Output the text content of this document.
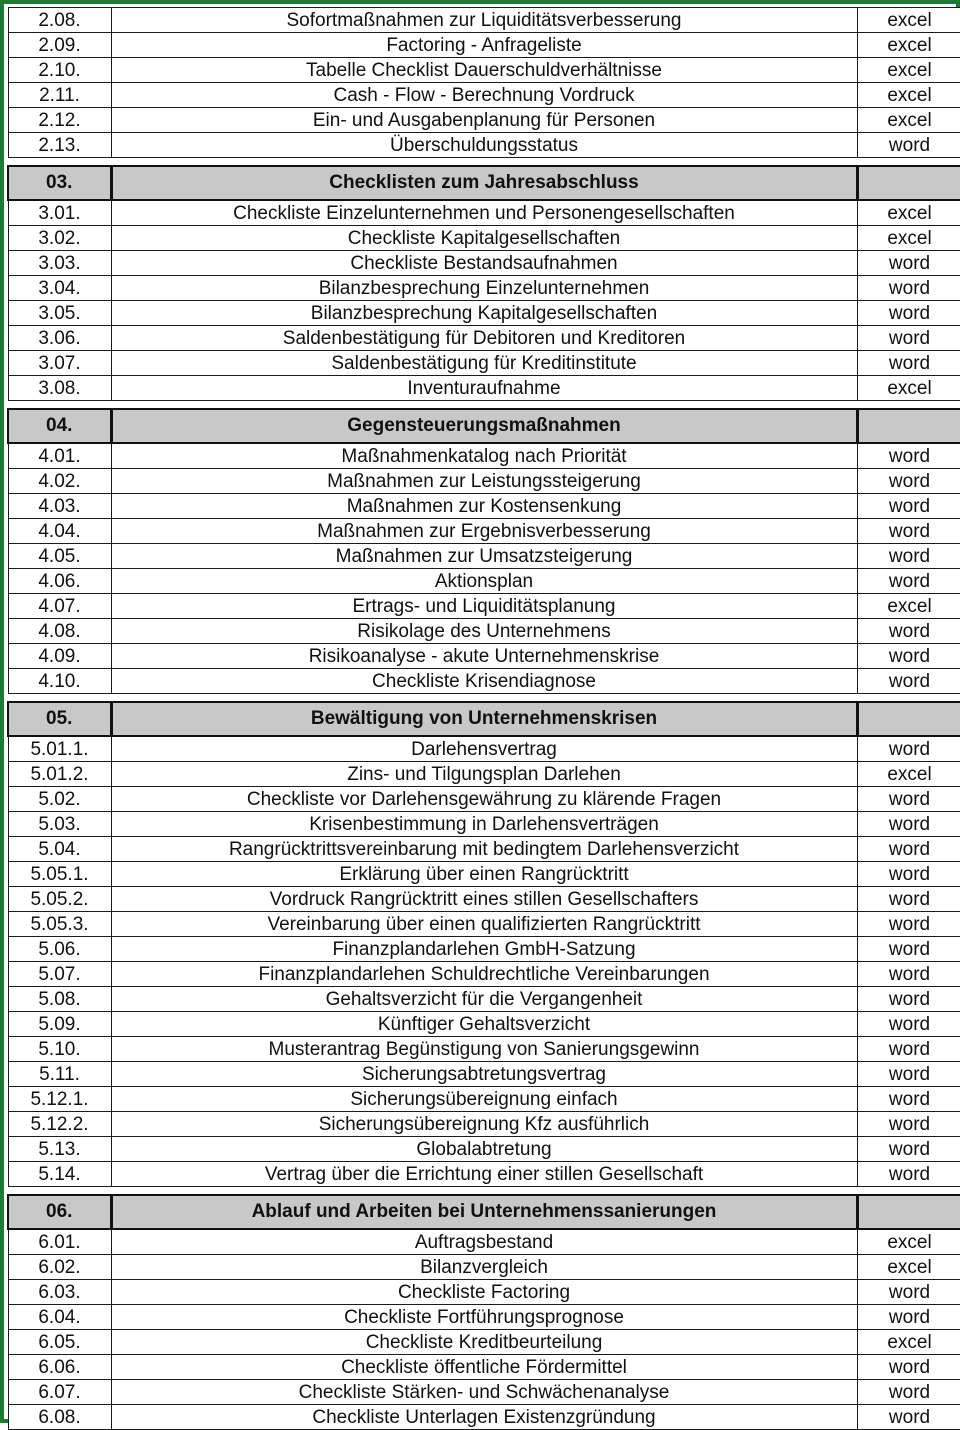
2.08.	Sofortmaßnahmen zur Liquiditätsverbesserung	excel
2.09.	Factoring - Anfrageliste	excel
2.10.	Tabelle Checklist Dauerschuldverhältnisse	excel
2.11.	Cash - Flow - Berechnung Vordruck	excel
2.12.	Ein- und Ausgabenplanung für Personen	excel
2.13.	Überschuldungsstatus	word

03.	Checklisten zum Jahresabschluss	
3.01.	Checkliste Einzelunternehmen und Personengesellschaften	excel
3.02.	Checkliste Kapitalgesellschaften	excel
3.03.	Checkliste Bestandsaufnahmen	word
3.04.	Bilanzbesprechung Einzelunternehmen	word
3.05.	Bilanzbesprechung Kapitalgesellschaften	word
3.06.	Saldenbestätigung für Debitoren und Kreditoren	word
3.07.	Saldenbestätigung für Kreditinstitute	word
3.08.	Inventuraufnahme	excel

04.	Gegensteuerungsmaßnahmen	
4.01.	Maßnahmenkatalog nach Priorität	word
4.02.	Maßnahmen zur Leistungssteigerung	word
4.03.	Maßnahmen zur Kostensenkung	word
4.04.	Maßnahmen zur Ergebnisverbesserung	word
4.05.	Maßnahmen zur Umsatzsteigerung	word
4.06.	Aktionsplan	word
4.07.	Ertrags- und Liquiditätsplanung	excel
4.08.	Risikolage des Unternehmens	word
4.09.	Risikoanalyse - akute Unternehmenskrise	word
4.10.	Checkliste Krisendiagnose	word

05.	Bewältigung von Unternehmenskrisen	
5.01.1.	Darlehensvertrag	word
5.01.2.	Zins- und Tilgungsplan Darlehen	excel
5.02.	Checkliste vor Darlehensgewährung zu klärende Fragen	word
5.03.	Krisenbestimmung in Darlehensverträgen	word
5.04.	Rangrücktrittsvereinbarung mit bedingtem Darlehensverzicht	word
5.05.1.	Erklärung über einen Rangrücktritt	word
5.05.2.	Vordruck Rangrücktritt eines stillen Gesellschafters	word
5.05.3.	Vereinbarung über einen qualifizierten Rangrücktritt	word
5.06.	Finanzplandarlehen GmbH-Satzung	word
5.07.	Finanzplandarlehen Schuldrechtliche Vereinbarungen	word
5.08.	Gehaltsverzicht für die Vergangenheit	word
5.09.	Künftiger Gehaltsverzicht	word
5.10.	Musterantrag Begünstigung von Sanierungsgewinn	word
5.11.	Sicherungsabtretungsvertrag	word
5.12.1.	Sicherungsübereignung einfach	word
5.12.2.	Sicherungsübereignung Kfz ausführlich	word
5.13.	Globalabtretung	word
5.14.	Vertrag über die Errichtung einer stillen Gesellschaft	word

06.	Ablauf und Arbeiten bei Unternehmenssanierungen	
6.01.	Auftragsbestand	excel
6.02.	Bilanzvergleich	excel
6.03.	Checkliste Factoring	word
6.04.	Checkliste Fortführungsprognose	word
6.05.	Checkliste Kreditbeurteilung	excel
6.06.	Checkliste öffentliche Fördermittel	word
6.07.	Checkliste Stärken- und Schwächenanalyse	word
6.08.	Checkliste Unterlagen Existenzgründung	word
